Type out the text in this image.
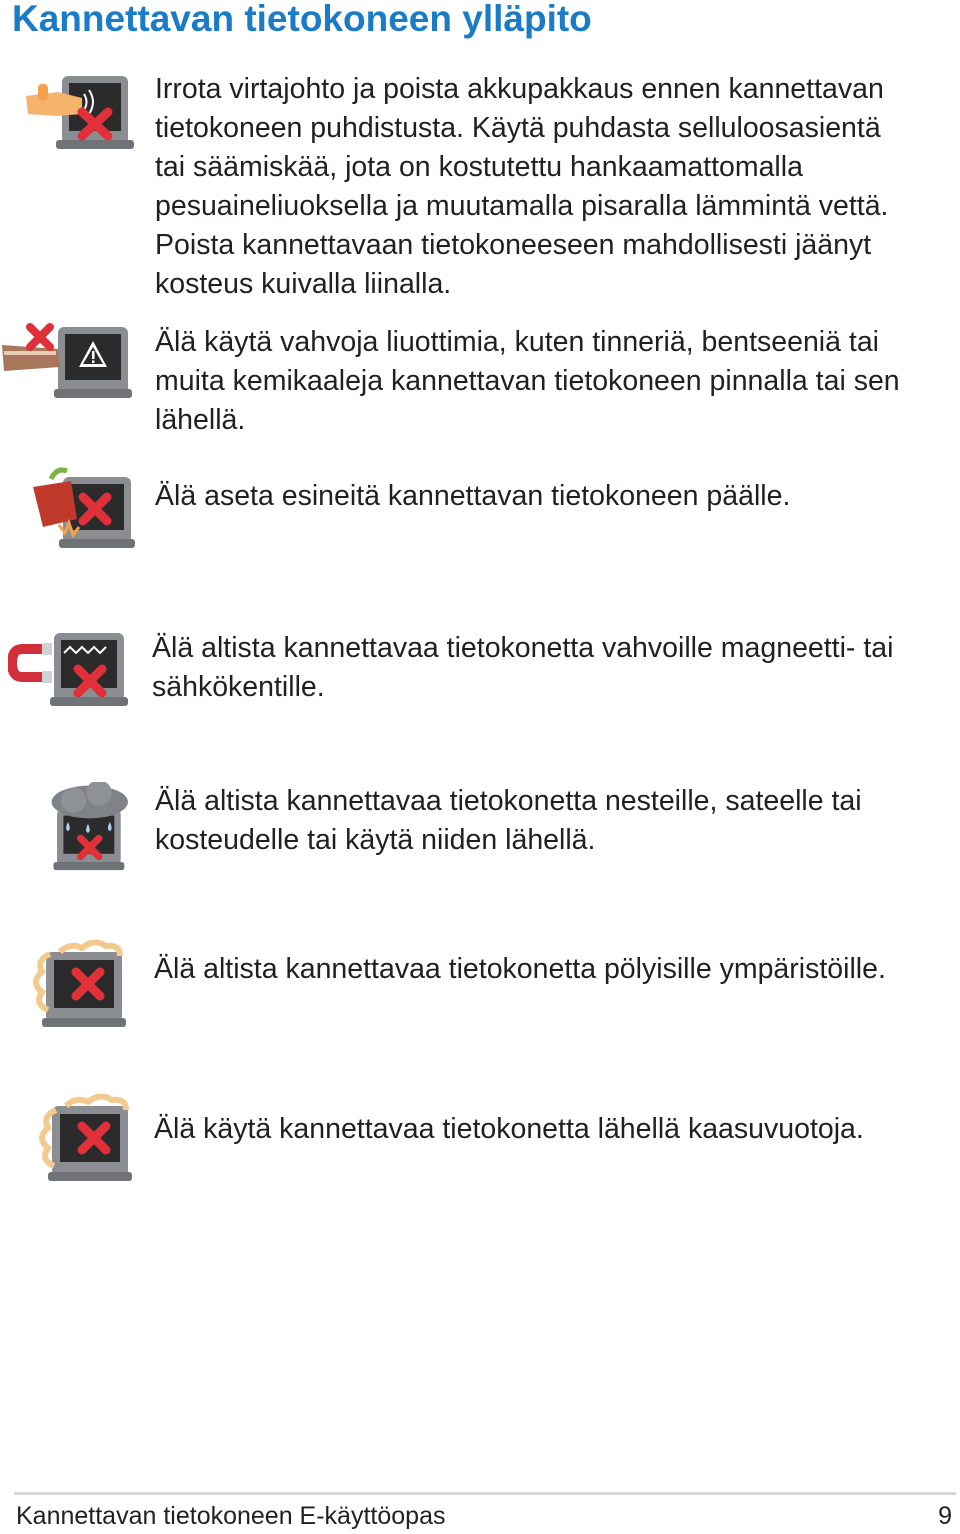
Kannettavan tietokoneen ylläpito

Irrota virtajohto ja poista akkupakkaus ennen kannettavan tietokoneen puhdistusta. Käytä puhdasta selluloosasientä tai säämiskää, jota on kostutettu hankaamattomalla pesuaineliuoksella ja muutamalla pisaralla lämmintä vettä. Poista kannettavaan tietokoneeseen mahdollisesti jäänyt kosteus kuivalla liinalla.

Älä käytä vahvoja liuottimia, kuten tinneriä, bentseeniä tai muita kemikaaleja kannettavan tietokoneen pinnalla tai sen lähellä.

Älä aseta esineitä kannettavan tietokoneen päälle.

Älä altista kannettavaa tietokonetta vahvoille magneetti- tai sähkökentille.

Älä altista kannettavaa tietokonetta nesteille, sateelle tai kosteudelle tai käytä niiden lähellä.

Älä altista kannettavaa tietokonetta pölyisille ympäristöille.

Älä käytä kannettavaa tietokonetta lähellä kaasuvuotoja.

Kannettavan tietokoneen E-käyttöopas	9
